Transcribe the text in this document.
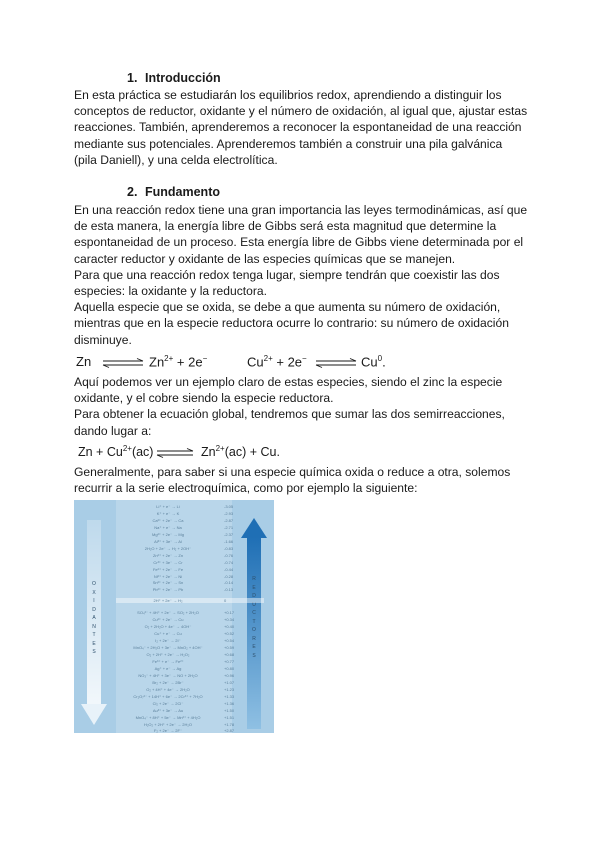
1. Introducción
En esta práctica se estudiarán los equilibrios redox, aprendiendo a distinguir los
conceptos de reductor, oxidante y el número de oxidación, al igual que, ajustar estas
reacciones. También, aprenderemos a reconocer la espontaneidad de una reacción
mediante sus potenciales. Aprenderemos también a construir una pila galvánica
(pila Daniell), y una celda electrolítica.
2. Fundamento
En una reacción redox tiene una gran importancia las leyes termodinámicas, así que
de esta manera, la energía libre de Gibbs será esta magnitud que determine la
espontaneidad de un proceso. Esta energía libre de Gibbs viene determinada por el
caracter reductor y oxidante de las especies químicas que se manejen.
Para que una reacción redox tenga lugar, siempre tendrán que coexistir las dos
especies: la oxidante y la reductora.
Aquella especie que se oxida, se debe a que aumenta su número de oxidación,
mientras que en la especie reductora ocurre lo contrario: su número de oxidación
disminuye.
Zn ⇌ $Zn^{2+} + 2e^-$	$Cu^{2+} + 2e^-$ ⇌ Cu$^0$.
Aquí podemos ver un ejemplo claro de estas especies, siendo el zinc la especie
oxidante, y el cobre siendo la especie reductora.
Para obtener la ecuación global, tendremos que sumar las dos semirreacciones,
dando lugar a:
$Zn + Cu^{2+}(ac)$ ⇌ $Zn^{2+}(ac) + Cu$.
Generalmente, para saber si una especie química oxida o reduce a otra, solemos
recurrir a la serie electroquímica, como por ejemplo la siguiente:
O
X
I
D
A
N
T
E
S
R
E
D
U
C
T
O
R
E
S
Li⁺ + e⁻ → Li	-3.05
K⁺ + e⁻ → K	-2.93
Ca²⁺ + 2e⁻ → Ca	-2.87
Na⁺ + e⁻ → Na	-2.71
Mg²⁺ + 2e⁻ → Mg	-2.37
Al³⁺ + 3e⁻ → Al	-1.66
2H₂O + 2e⁻ → H₂ + 2OH⁻	-0.83
Zn²⁺ + 2e⁻ → Zn	-0.76
Cr³⁺ + 3e⁻ → Cr	-0.74
Fe²⁺ + 2e⁻ → Fe	-0.44
Ni²⁺ + 2e⁻ → Ni	-0.28
Sn²⁺ + 2e⁻ → Sn	-0.14
Pb²⁺ + 2e⁻ → Pb	-0.13
2H⁺ + 2e⁻ → H₂	0
SO₄²⁻ + 4H⁺ + 2e⁻ → SO₂ + 2H₂O	+0.17
Cu²⁺ + 2e⁻ → Cu	+0.34
O₂ + 2H₂O + 4e⁻ → 4OH⁻	+0.40
Cu⁺ + e⁻ → Cu	+0.52
I₂ + 2e⁻ → 2I⁻	+0.54
MnO₄⁻ + 2H₂O + 3e⁻ → MnO₂ + 4OH⁻	+0.59
O₂ + 2H⁺ + 2e⁻ → H₂O₂	+0.68
Fe³⁺ + e⁻ → Fe²⁺	+0.77
Ag⁺ + e⁻ → Ag	+0.80
NO₃⁻ + 4H⁺ + 3e⁻ → NO + 2H₂O	+0.96
Br₂ + 2e⁻ → 2Br⁻	+1.07
O₂ + 4H⁺ + 4e⁻ → 2H₂O	+1.23
Cr₂O₇²⁻ + 14H⁺ + 6e⁻ → 2Cr³⁺ + 7H₂O	+1.33
Cl₂ + 2e⁻ → 2Cl⁻	+1.36
Au³⁺ + 3e⁻ → Au	+1.50
MnO₄⁻ + 8H⁺ + 5e⁻ → Mn²⁺ + 4H₂O	+1.51
H₂O₂ + 2H⁺ + 2e⁻ → 2H₂O	+1.78
F₂ + 2e⁻ → 2F⁻	+2.87
